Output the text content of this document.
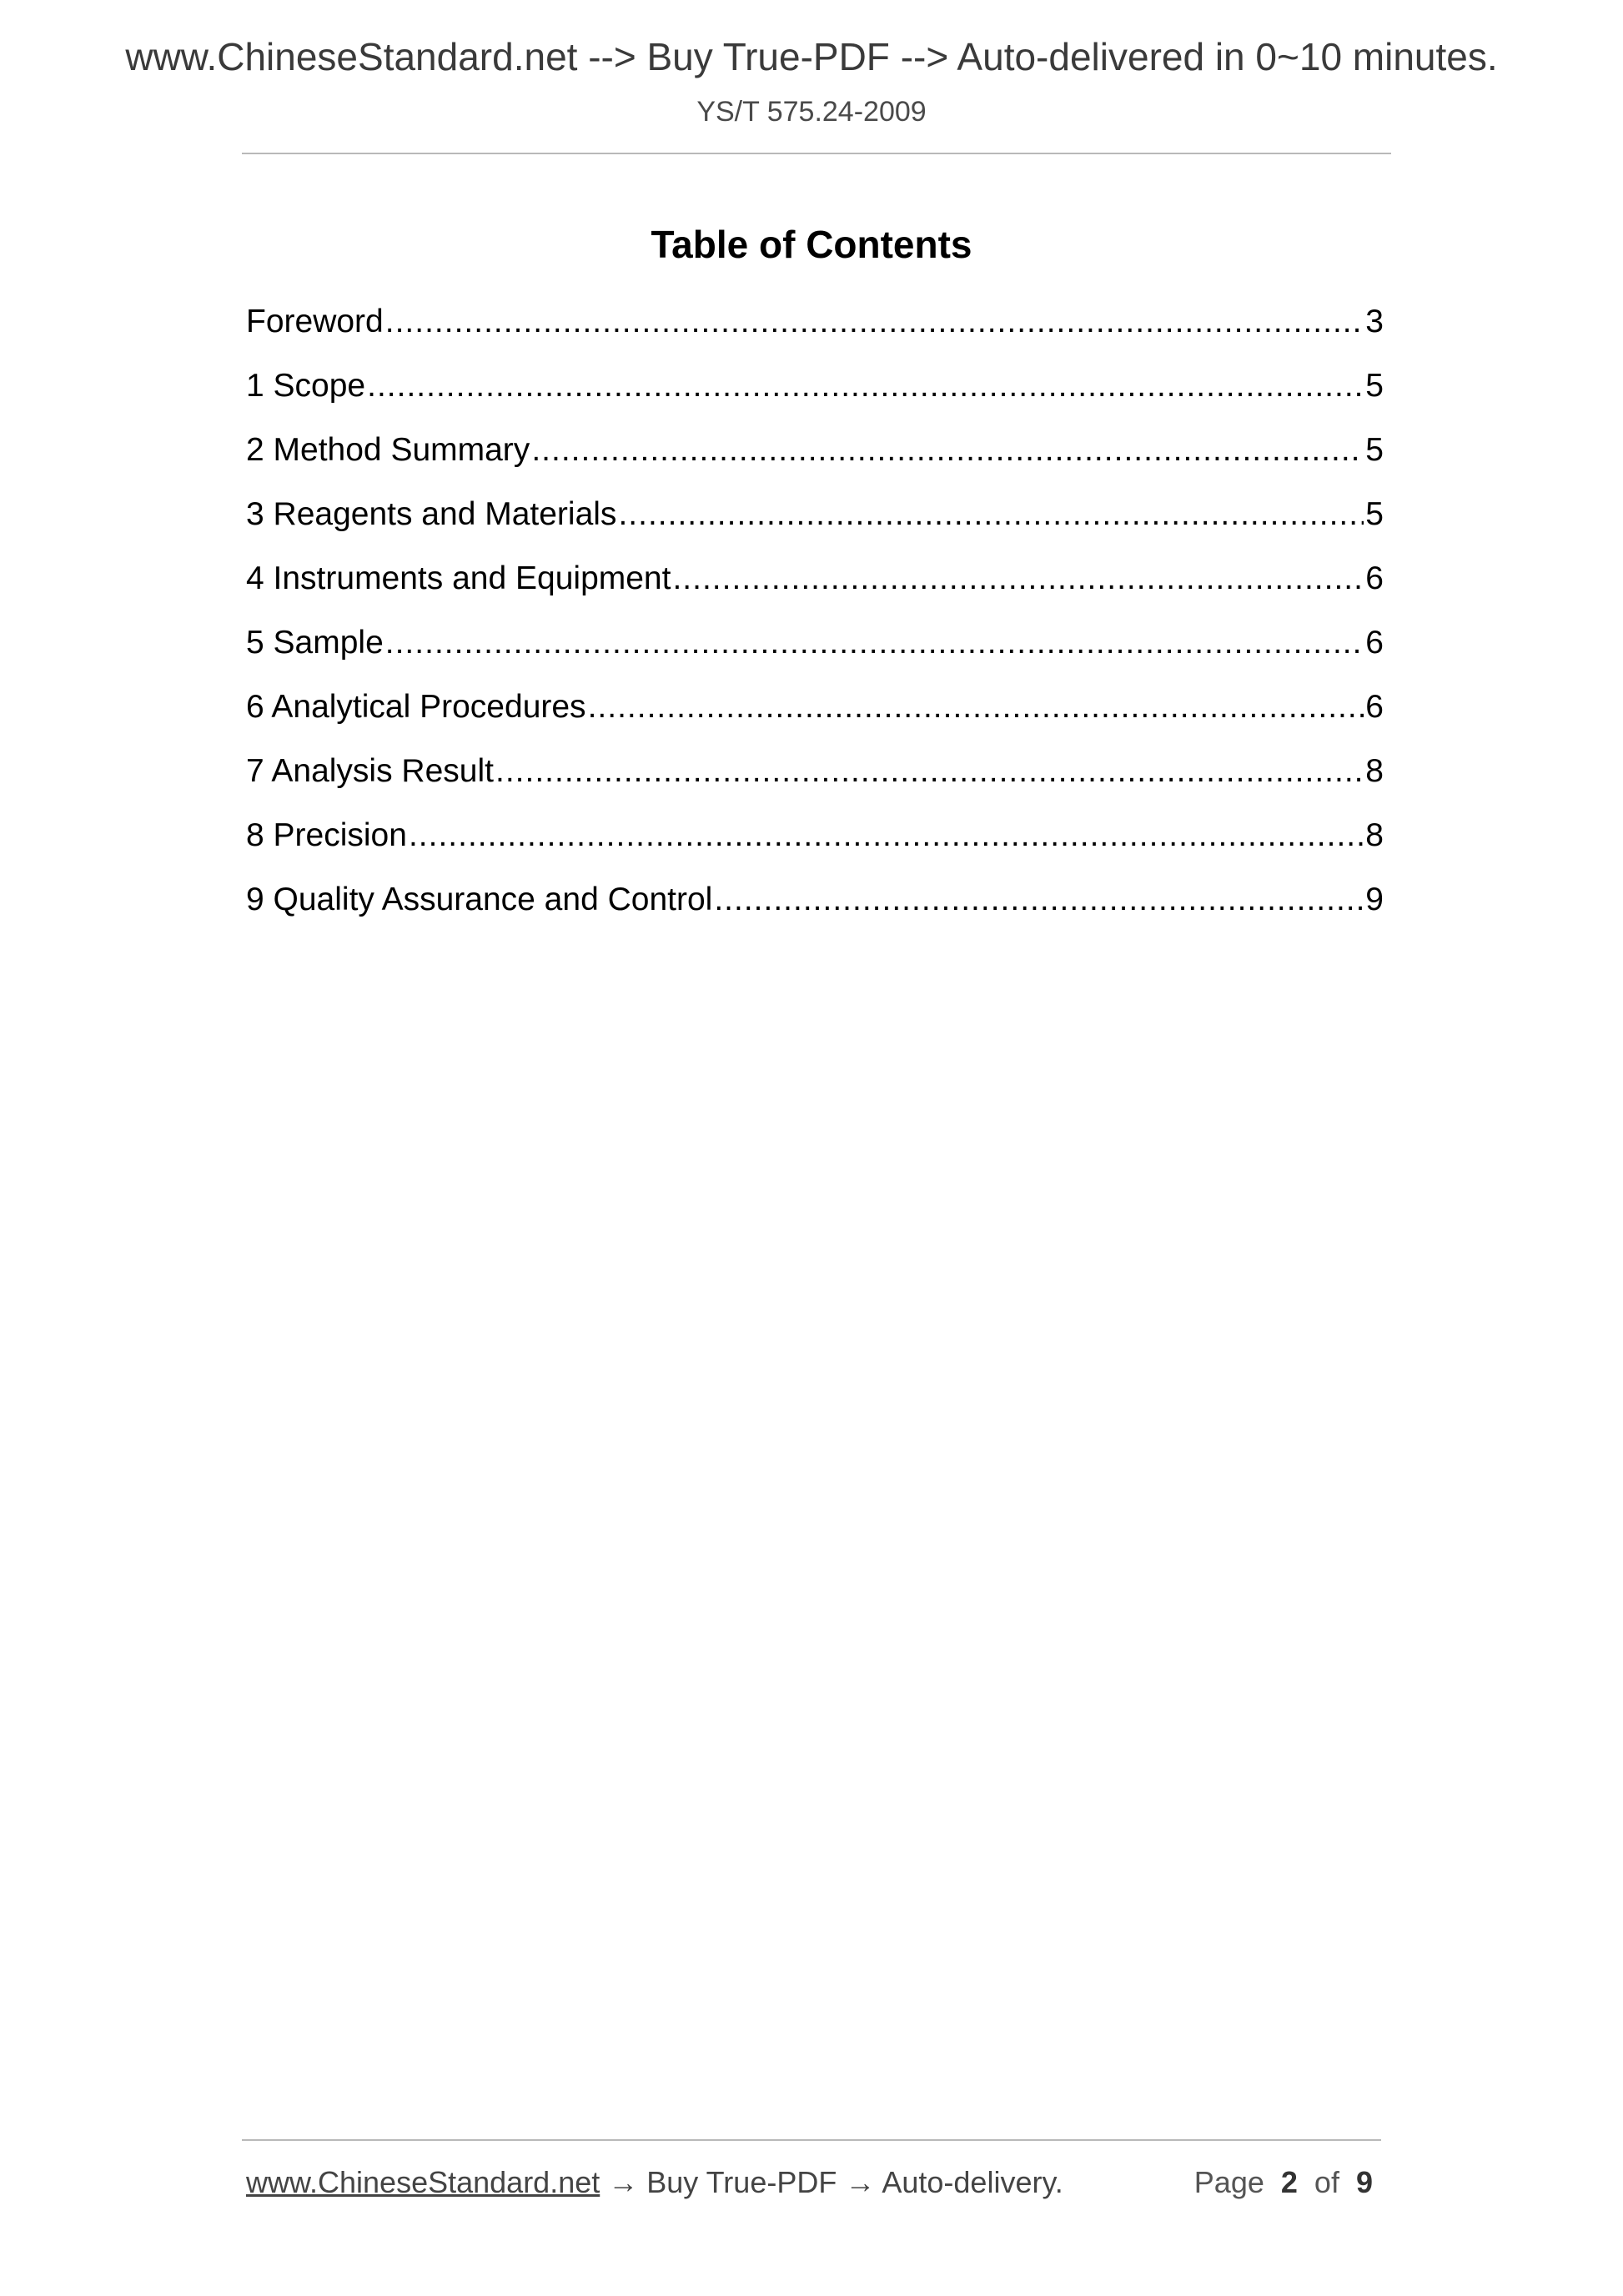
www.ChineseStandard.net --> Buy True-PDF --> Auto-delivered in 0~10 minutes.
YS/T 575.24-2009
Table of Contents
Foreword .....	3
1 Scope .....	5
2 Method Summary .....	5
3 Reagents and Materials .....	5
4 Instruments and Equipment .....	6
5 Sample .....	6
6 Analytical Procedures .....	6
7 Analysis Result .....	8
8 Precision .....	8
9 Quality Assurance and Control .....	9
www.ChineseStandard.net → Buy True-PDF → Auto-delivery.	Page 2 of 9
